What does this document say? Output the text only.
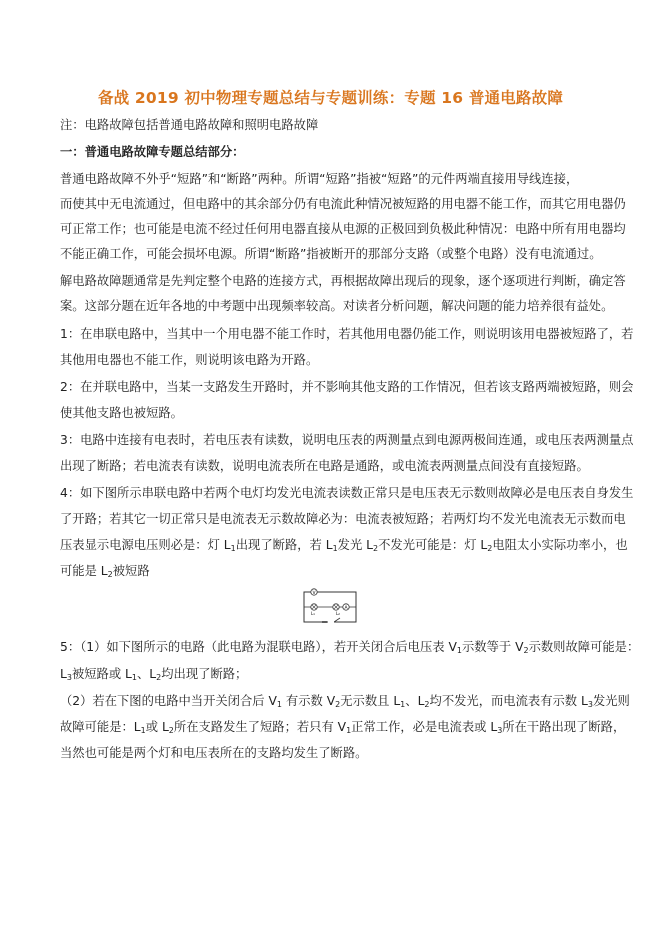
备战 2019 初中物理专题总结与专题训练：专题 16 普通电路故障
注：电路故障包括普通电路故障和照明电路故障
一：普通电路故障专题总结部分：
普通电路故障不外乎“短路”和“断路”两种。所谓“短路”指被“短路”的元件两端直接用导线连接，
而使其中无电流通过，但电路中的其余部分仍有电流此种情况被短路的用电器不能工作，而其它用电器仍
可正常工作；也可能是电流不经过任何用电器直接从电源的正极回到负极此种情况：电路中所有用电器均
不能正确工作，可能会损坏电源。所谓“断路”指被断开的那部分支路（或整个电路）没有电流通过。
解电路故障题通常是先判定整个电路的连接方式，再根据故障出现后的现象，逐个逐项进行判断，确定答
案。这部分题在近年各地的中考题中出现频率较高。对读者分析问题，解决问题的能力培养很有益处。
1：在串联电路中，当其中一个用电器不能工作时，若其他用电器仍能工作，则说明该用电器被短路了，若
其他用电器也不能工作，则说明该电路为开路。
2：在并联电路中，当某一支路发生开路时，并不影响其他支路的工作情况，但若该支路两端被短路，则会
使其他支路也被短路。
3：电路中连接有电表时，若电压表有读数，说明电压表的两测量点到电源两极间连通，或电压表两测量点
出现了断路；若电流表有读数，说明电流表所在电路是通路，或电流表两测量点间没有直接短路。
4：如下图所示串联电路中若两个电灯均发光电流表读数正常只是电压表无示数则故障必是电压表自身发生
了开路；若其它一切正常只是电流表无示数故障必为：电流表被短路；若两灯均不发光电流表无示数而电
压表显示电源电压则必是：灯 $L_1$出现了断路，若 $L_1$发光 $L_2$不发光可能是：灯 $L_2$电阻太小实际功率小，也
可能是 $L_2$被短路
V
L₁	L₂
A
5：（1）如下图所示的电路（此电路为混联电路），若开关闭合后电压表 $V_1$示数等于 $V_2$示数则故障可能是：
$L_3$被短路或 $L_1$、$L_2$均出现了断路；
（2）若在下图的电路中当开关闭合后 $V_1$ 有示数 $V_2$无示数且 $L_1$、$L_2$均不发光，而电流表有示数 $L_3$发光则
故障可能是：$L_1$或 $L_2$所在支路发生了短路；若只有 $V_1$正常工作，必是电流表或 $L_3$所在干路出现了断路，
当然也可能是两个灯和电压表所在的支路均发生了断路。
